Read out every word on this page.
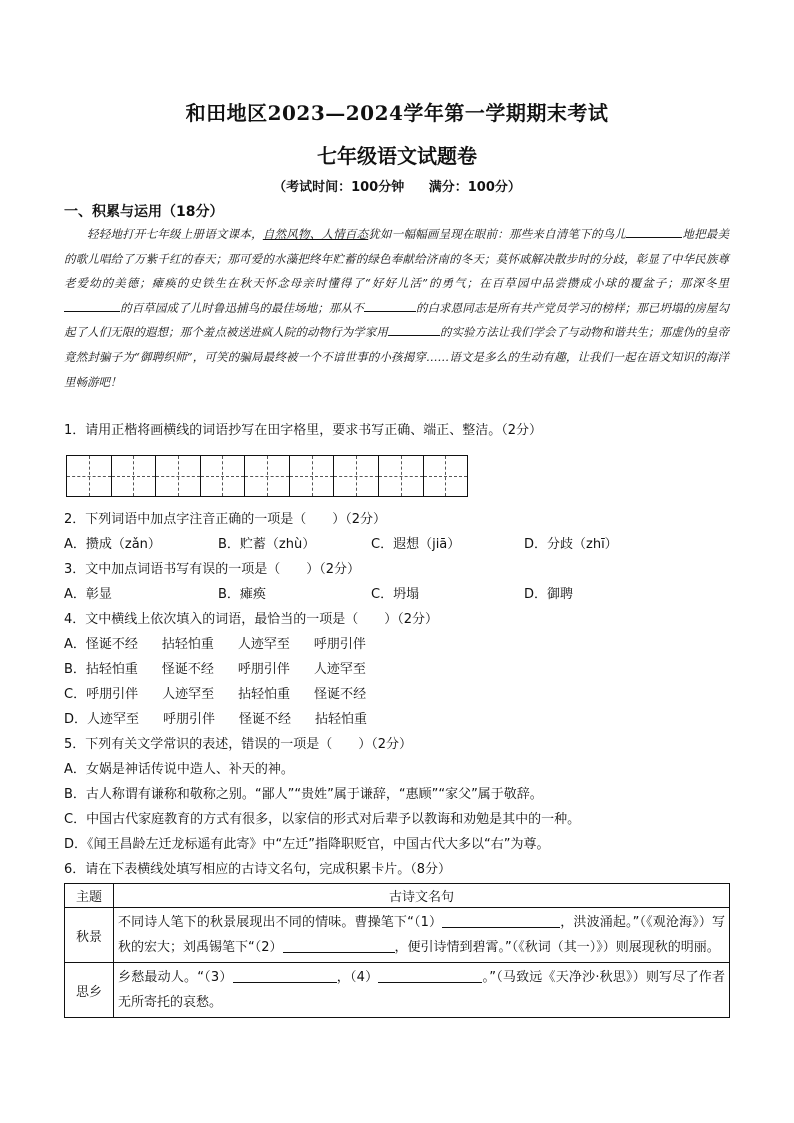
和田地区2023—2024学年第一学期期末考试
七年级语文试题卷
（考试时间：100分钟 满分：100分）
一、积累与运用（18分）
轻轻地打开七年级上册语文课本，自然风物、人情百态犹如一幅幅画呈现在眼前：那些来自清笔下的鸟儿	地把最美的歌儿唱给了万紫千红的春天；那可爱的水藻把终年贮蓄的绿色奉献给济南的冬天；莫怀戚解决散步时的分歧，彰显了中华民族尊老爱幼的美德；瘫痪的史铁生在秋天怀念母亲时懂得了“好好儿活”的勇气；在百草园中品尝攒成小球的覆盆子；那深冬里的百草园成了儿时鲁迅捕鸟的最佳场地；那从不	的白求恩同志是所有共产党员学习的榜样；那已坍塌的房屋勾起了人们无限的遐想；那个羞点被送进疯人院的动物行为学家用	的实验方法让我们学会了与动物和谐共生；那虚伪的皇帝竟然封骗子为“御聘织师”，可笑的骗局最终被一个不谙世事的小孩揭穿……语文是多么的生动有趣，让我们一起在语文知识的海洋里畅游吧！
1．请用正楷将画横线的词语抄写在田字格里，要求书写正确、端正、整洁。（2分）
2．下列词语中加点字注音正确的一项是（　　）（2分）
A．攒成（zǎn）	B．贮蓄（zhù）	C．遐想（jiā）	D．分歧（zhī）
3．文中加点词语书写有误的一项是（　　）（2分）
A．彰显	B．瘫痪	C．坍塌	D．御聘
4．文中横线上依次填入的词语，最恰当的一项是（　　）（2分）
A．怪诞不经 拈轻怕重 人迹罕至 呼朋引伴
B．拈轻怕重 怪诞不经 呼朋引伴 人迹罕至
C．呼朋引伴 人迹罕至 拈轻怕重 怪诞不经
D．人迹罕至 呼朋引伴 怪诞不经 拈轻怕重
5．下列有关文学常识的表述，错误的一项是（　　）（2分）
A．女娲是神话传说中造人、补天的神。
B．古人称谓有谦称和敬称之别。“鄙人”“贵姓”属于谦辞，“惠顾”“家父”属于敬辞。
C．中国古代家庭教育的方式有很多，以家信的形式对后辈予以教诲和劝勉是其中的一种。
D．《闻王昌龄左迁龙标遥有此寄》中“左迁”指降职贬官，中国古代大多以“右”为尊。
6．请在下表横线处填写相应的古诗文名句，完成积累卡片。（8分）
主题	古诗文名句
秋景	不同诗人笔下的秋景展现出不同的情味。曹操笔下“（1） ，洪波涌起。”（《观沧海》）写秋的宏大；刘禹锡笔下“（2） ，便引诗情到碧霄。”（《秋词（其一）》）则展现秋的明丽。
思乡	乡愁最动人。“（3） ，（4） 。”（马致远《天净沙·秋思》）则写尽了作者无所寄托的哀愁。
